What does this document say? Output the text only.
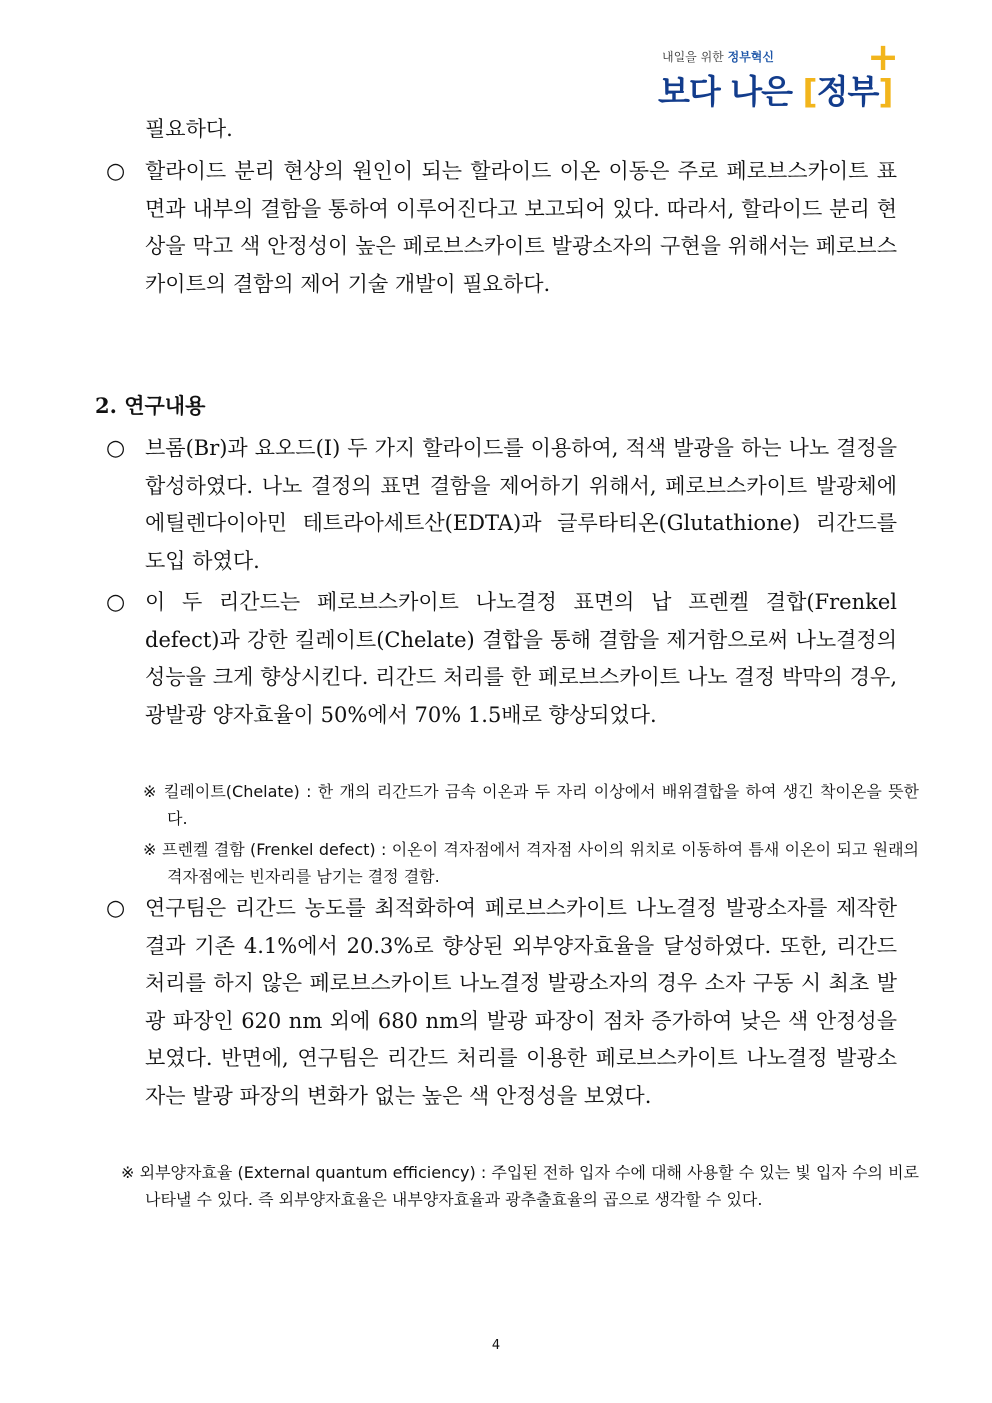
내일을 위한 정부혁신
보다 나은 [정부]
+

필요하다.

○ 할라이드 분리 현상의 원인이 되는 할라이드 이온 이동은 주로 페로브스카이트 표면과 내부의 결함을 통하여 이루어진다고 보고되어 있다. 따라서, 할라이드 분리 현상을 막고 색 안정성이 높은 페로브스카이트 발광소자의 구현을 위해서는 페로브스카이트의 결함의 제어 기술 개발이 필요하다.

2. 연구내용
○ 브롬(Br)과 요오드(I) 두 가지 할라이드를 이용하여, 적색 발광을 하는 나노 결정을 합성하였다. 나노 결정의 표면 결함을 제어하기 위해서, 페로브스카이트 발광체에 에틸렌다이아민 테트라아세트산(EDTA)과 글루타티온(Glutathione) 리간드를 도입 하였다.

○ 이 두 리간드는 페로브스카이트 나노결정 표면의 납 프렌켈 결합(Frenkel defect)과 강한 킬레이트(Chelate) 결합을 통해 결함을 제거함으로써 나노결정의 성능을 크게 향상시킨다. 리간드 처리를 한 페로브스카이트 나노 결정 박막의 경우, 광발광 양자효율이 50%에서 70% 1.5배로 향상되었다.

※ 킬레이트(Chelate) : 한 개의 리간드가 금속 이온과 두 자리 이상에서 배위결합을 하여 생긴 착이온을 뜻한다.
※ 프렌켈 결함 (Frenkel defect) : 이온이 격자점에서 격자점 사이의 위치로 이동하여 틈새 이온이 되고 원래의 격자점에는 빈자리를 남기는 결정 결함.
○ 연구팀은 리간드 농도를 최적화하여 페로브스카이트 나노결정 발광소자를 제작한 결과 기존 4.1%에서 20.3%로 향상된 외부양자효율을 달성하였다. 또한, 리간드 처리를 하지 않은 페로브스카이트 나노결정 발광소자의 경우 소자 구동 시 최초 발광 파장인 620 nm 외에 680 nm의 발광 파장이 점차 증가하여 낮은 색 안정성을 보였다. 반면에, 연구팀은 리간드 처리를 이용한 페로브스카이트 나노결정 발광소자는 발광 파장의 변화가 없는 높은 색 안정성을 보였다.

※ 외부양자효율 (External quantum efficiency) : 주입된 전하 입자 수에 대해 사용할 수 있는 빛 입자 수의 비로 나타낼 수 있다. 즉 외부양자효율은 내부양자효율과 광추출효율의 곱으로 생각할 수 있다.
4
